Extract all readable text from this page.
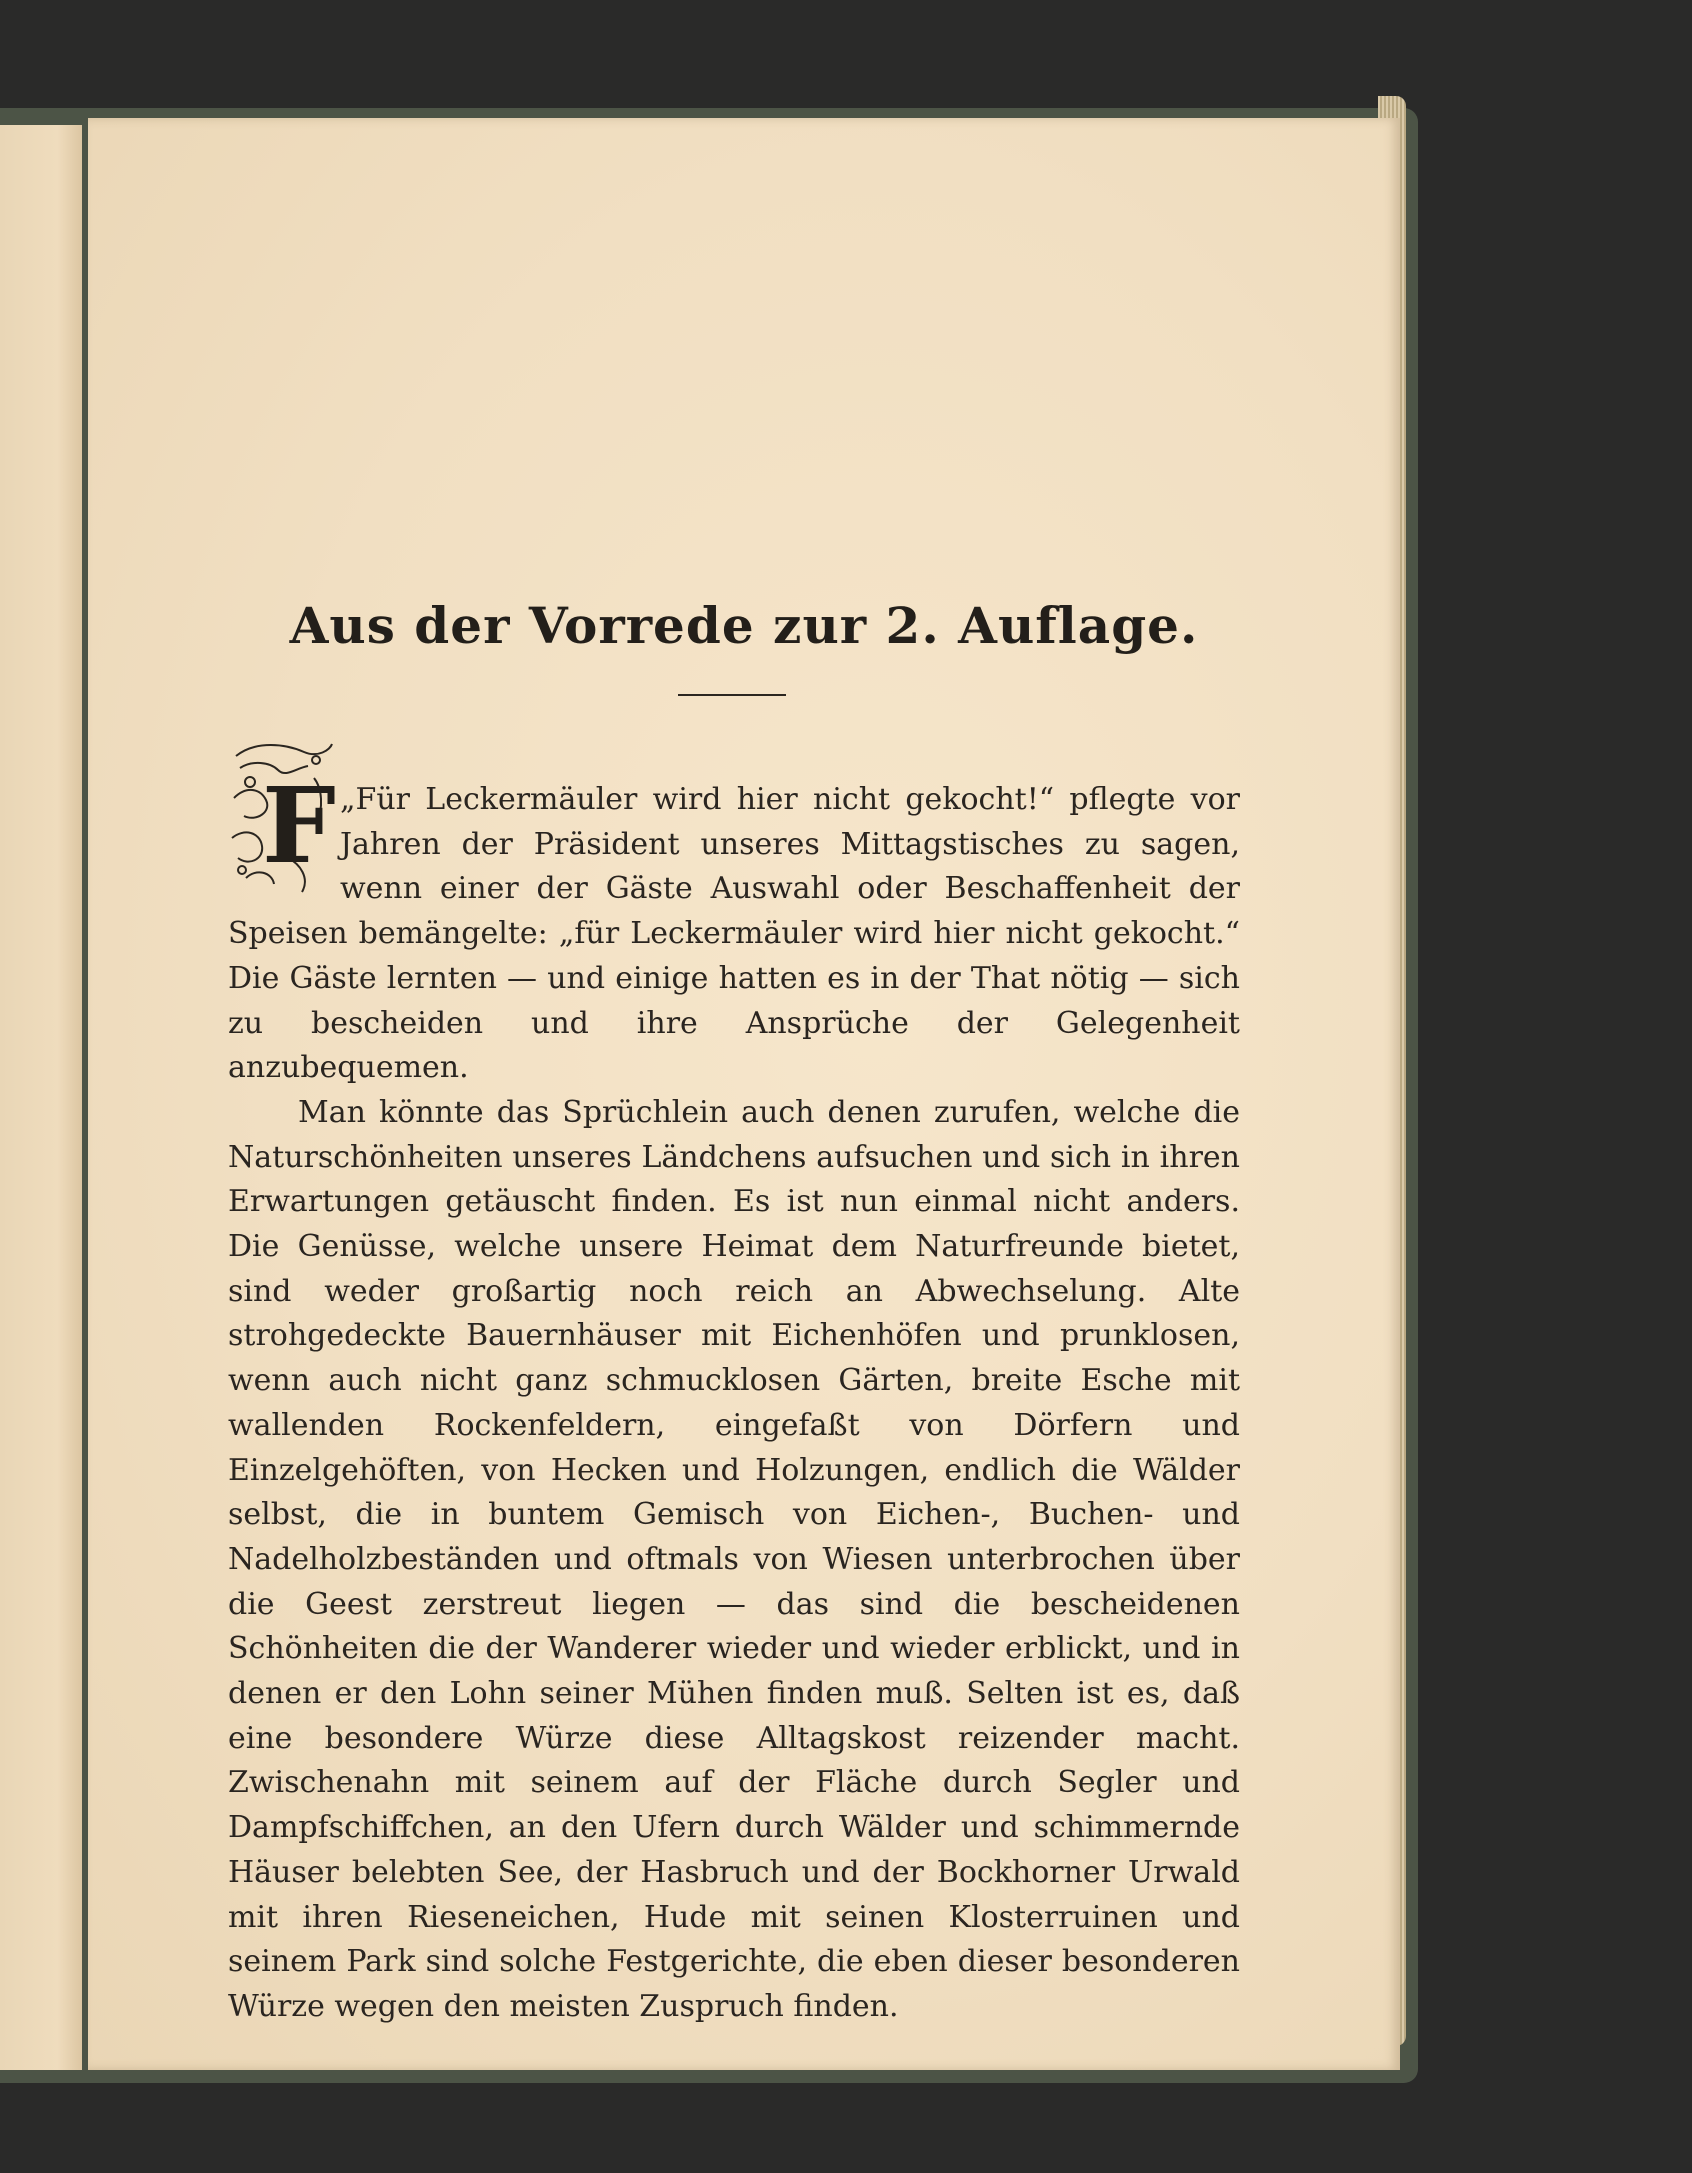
Aus der Vorrede zur 2. Auflage.
F „Für Leckermäuler wird hier nicht gekocht!“ pflegte vor Jahren der Präsident unseres Mittagstisches zu sagen, wenn einer der Gäste Auswahl oder Beschaffenheit der Speisen bemängelte: „für Leckermäuler wird hier nicht gekocht.“ Die Gäste lernten — und einige hatten es in der That nötig — sich zu bescheiden und ihre Ansprüche der Gelegenheit anzubequemen.

Man könnte das Sprüchlein auch denen zurufen, welche die Naturschönheiten unseres Ländchens aufsuchen und sich in ihren Erwartungen getäuscht finden. Es ist nun einmal nicht anders. Die Genüsse, welche unsere Heimat dem Naturfreunde bietet, sind weder großartig noch reich an Abwechselung. Alte strohgedeckte Bauernhäuser mit Eichenhöfen und prunklosen, wenn auch nicht ganz schmucklosen Gärten, breite Esche mit wallenden Rockenfeldern, eingefaßt von Dörfern und Einzelgehöften, von Hecken und Holzungen, endlich die Wälder selbst, die in buntem Gemisch von Eichen-, Buchen- und Nadelholzbeständen und oftmals von Wiesen unterbrochen über die Geest zerstreut liegen — das sind die bescheidenen Schönheiten die der Wanderer wieder und wieder erblickt, und in denen er den Lohn seiner Mühen finden muß. Selten ist es, daß eine besondere Würze diese Alltagskost reizender macht. Zwischenahn mit seinem auf der Fläche durch Segler und Dampfschiffchen, an den Ufern durch Wälder und schimmernde Häuser belebten See, der Hasbruch und der Bockhorner Urwald mit ihren Rieseneichen, Hude mit seinen Klosterruinen und seinem Park sind solche Festgerichte, die eben dieser besonderen Würze wegen den meisten Zuspruch finden.
